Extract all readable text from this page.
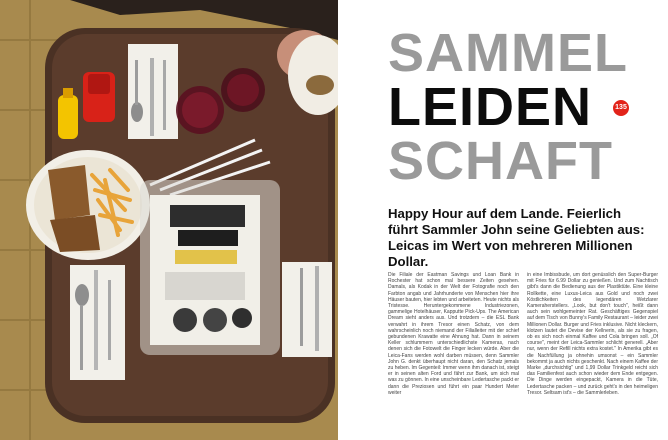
SAMMEL
LEIDEN
SCHAFT
135

Happy Hour auf dem Lande. Feierlich führt Sammler John seine Geliebten aus: Leicas im Wert von mehreren Millionen Dollar.

Die Filiale der Eastman Savings und Loan Bank in Rochester hat schon mal bessere Zeiten gesehen. Damals, als Kodak in der Welt der Fotografie noch den Farbton angab und Jahrhunderte von Menschen hier ihre Häuser bauten, hier lebten und arbeiteten. Heute nichts als Tristesse. Heruntergekommene Industriezonen, gammelige Hotelhäuser, Kapputte Pick-Ups. The American Dream sieht anders aus. Und trotzdem – die ESL Bank verwahrt in ihrem Tresor einen Schatz, von dem wahrscheinlich noch niemand der Filialleiter mit der schief gebundenen Krawatte eine Ahnung hat. Dann in seinem Keller schlummern unterschiedlichste Kameras, nach denen sich die Fotowelt die Finger lecken würde. Aber die Leica-Fans werden wohl darben müssen, denn Sammler John G. denkt überhaupt nicht daran, den Schatz jemals zu heben. Im Gegenteil: Immer wenn ihm danach ist, steigt er in seinen alten Ford und fährt zur Bank, um sich mal was zu gönnen. In eine unscheinbare Ledertasche packt er dann die Preziosen und führt ein paar Hundert Meter weiter
in eine Imbissbude, um dort genüsslich den Super-Burger mit Fries für 6.99 Dollar zu genießen. Und zum Nachtisch gibt's dann die Bedienung aus der Plastiktüte. Eine kleine Rollkette, eine Luxus-Leica aus Gold und noch zwei Köstlichkeiten des legendären Wetzlarer Kameraherstellers. „Look, but don't touch", heißt dann auch sein wohlgemeinter Rat. Geschäftiges Gegenspiel auf dem Tisch von Bunny's Family Restaurant – leider zwei Millionen Dollar. Burger und Fries inklusive. Nicht kleckern, klotzen lautet die Devise der Kellnerin, als sie zu fragen, ob es sich noch einmal Kaffee und Cola bringen soll. „Of course", meint der Leica-Sammler schlicht generell. „Aber nur, wenn der Refill nichts extra kostet." In Amerika gibt es die Nachfüllung ja ohnehin umsonst – ein Sammler bekommt ja auch nichts geschenkt. Nach einem Kaffee der Marke „durchsichtig" und 1,99 Dollar Trinkgeld reicht sich das Familienfest auch schon wieder dem Ende entgegen. Die Dinge werden eingepackt, Kamera in die Tüte, Ledertasche packen – und zurück geht's in den heimeligen Tresor. Seltsam ist's – die Sammlerleben.
